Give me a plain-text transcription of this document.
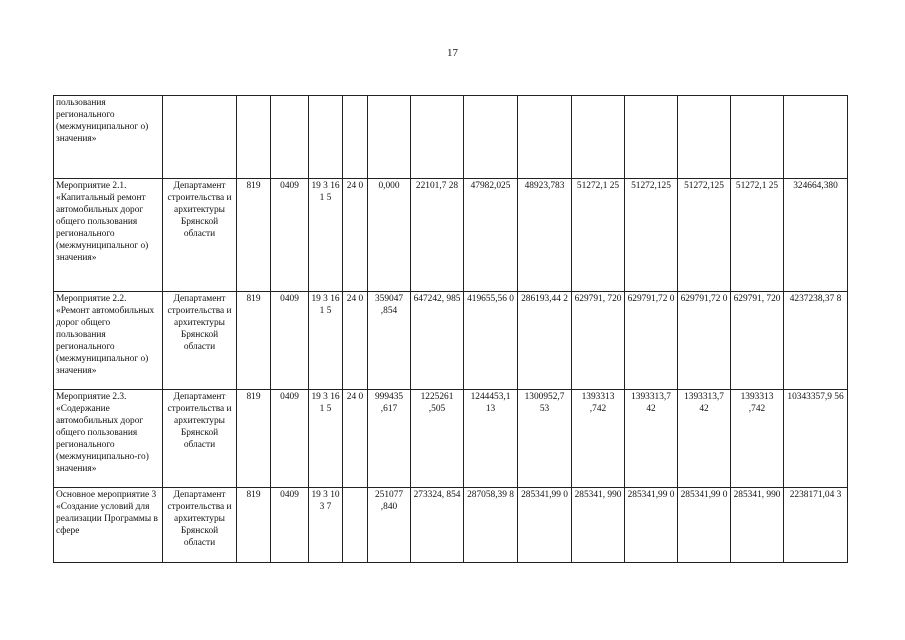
17
пользования регионального (межмуниципальног о) значения»														
Мероприятие 2.1. «Капитальный ремонт автомобильных дорог общего пользования регионального (межмуниципальног о) значения»	Департамент строительства и архитектуры Брянской области	819	0409	19 3 161 5	24 0	0,000	22101,7 28	47982,025	48923,783	51272,1 25	51272,125	51272,125	51272,1 25	324664,380
Мероприятие 2.2. «Ремонт автомобильных дорог общего пользования регионального (межмуниципальног о) значения»	Департамент строительства и архитектуры Брянской области	819	0409	19 3 161 5	24 0	359047 ,854	647242, 985	419655,56 0	286193,44 2	629791, 720	629791,72 0	629791,72 0	629791, 720	4237238,37 8
Мероприятие 2.3. «Содержание автомобильных дорог общего пользования регионального (межмуниципально-го) значения»	Департамент строительства и архитектуры Брянской области	819	0409	19 3 161 5	24 0	999435 ,617	1225261 ,505	1244453,1 13	1300952,7 53	1393313 ,742	1393313,7 42	1393313,7 42	1393313 ,742	10343357,9 56
Основное мероприятие 3 «Создание условий для реализации Программы в сфере	Департамент строительства и архитектуры Брянской области	819	0409	19 3 103 7		251077 ,840	273324, 854	287058,39 8	285341,99 0	285341, 990	285341,99 0	285341,99 0	285341, 990	2238171,04 3
